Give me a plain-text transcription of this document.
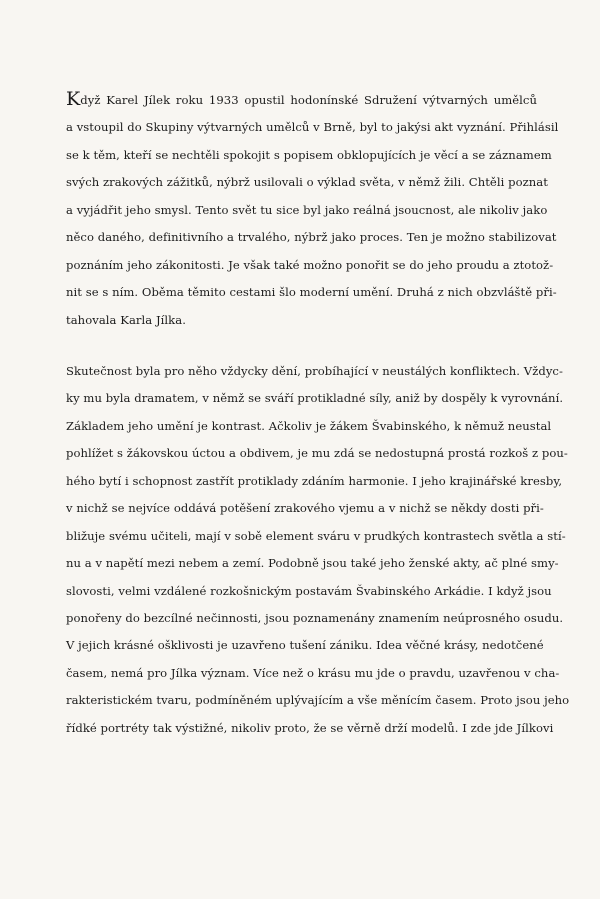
Když Karel Jílek roku 1933 opustil hodonínské Sdružení výtvarných umělců
a vstoupil do Skupiny výtvarných umělců v Brně, byl to jakýsi akt vyznání. Přihlásil
se k těm, kteří se nechtěli spokojit s popisem obklopujících je věcí a se záznamem
svých zrakových zážitků, nýbrž usilovali o výklad světa, v němž žili. Chtěli poznat
a vyjádřit jeho smysl. Tento svět tu sice byl jako reálná jsoucnost, ale nikoliv jako
něco daného, definitivního a trvalého, nýbrž jako proces. Ten je možno stabilizovat
poznáním jeho zákonitosti. Je však také možno ponořit se do jeho proudu a ztotož-
nit se s ním. Oběma těmito cestami šlo moderní umění. Druhá z nich obzvláště při-
tahovala Karla Jílka.
Skutečnost byla pro něho vždycky dění, probíhající v neustálých konfliktech. Vždyc-
ky mu byla dramatem, v němž se sváří protikladné síly, aniž by dospěly k vyrovnání.
Základem jeho umění je kontrast. Ačkoliv je žákem Švabinského, k němuž neustal
pohlížet s žákovskou úctou a obdivem, je mu zdá se nedostupná prostá rozkoš z pou-
hého bytí i schopnost zastřít protiklady zdáním harmonie. I jeho krajinářské kresby,
v nichž se nejvíce oddává potěšení zrakového vjemu a v nichž se někdy dosti při-
bližuje svému učiteli, mají v sobě element sváru v prudkých kontrastech světla a stí-
nu a v napětí mezi nebem a zemí. Podobně jsou také jeho ženské akty, ač plné smy-
slovosti, velmi vzdálené rozkošnickým postavám Švabinského Arkádie. I když jsou
ponořeny do bezcílné nečinnosti, jsou poznamenány znamením neúprosného osudu.
V jejich krásné ošklivosti je uzavřeno tušení zániku. Idea věčné krásy, nedotčené
časem, nemá pro Jílka význam. Více než o krásu mu jde o pravdu, uzavřenou v cha-
rakteristickém tvaru, podmíněném uplývajícím a vše měnícím časem. Proto jsou jeho
řídké portréty tak výstižné, nikoliv proto, že se věrně drží modelů. I zde jde Jílkovi
